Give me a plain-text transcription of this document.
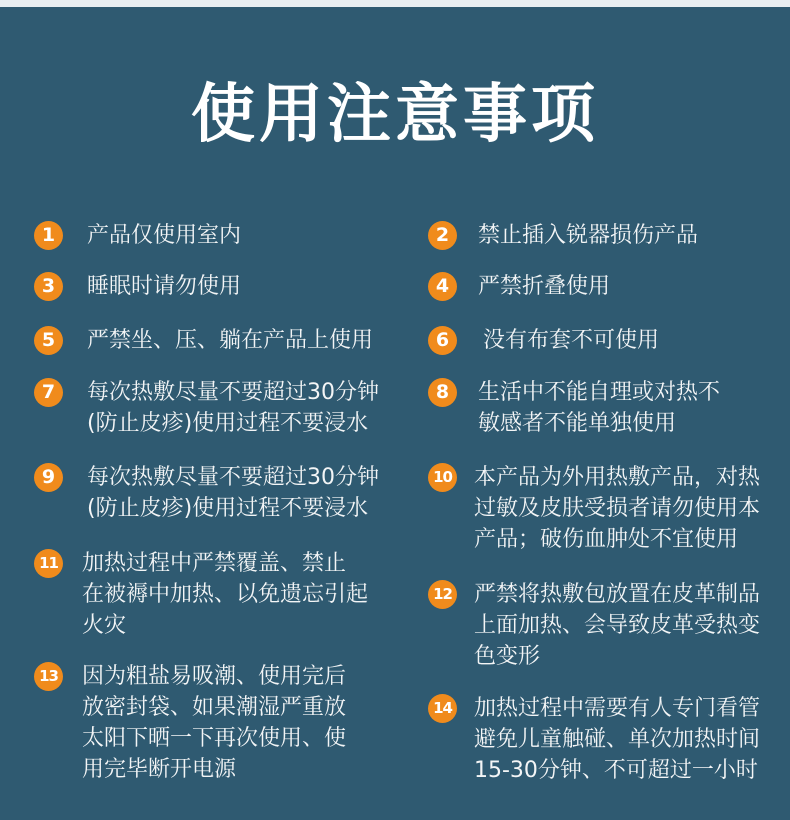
使用注意事项
1	产品仅使用室内
3	睡眠时请勿使用
5	严禁坐、压、躺在产品上使用
7	每次热敷尽量不要超过30分钟
(防止皮疹)使用过程不要浸水
9	每次热敷尽量不要超过30分钟
(防止皮疹)使用过程不要浸水
11 加热过程中严禁覆盖、禁止
在被褥中加热、以免遗忘引起
火灾
13 因为粗盐易吸潮、使用完后
放密封袋、如果潮湿严重放
太阳下晒一下再次使用、使
用完毕断开电源
2	禁止插入锐器损伤产品
4	严禁折叠使用
6	没有布套不可使用
8	生活中不能自理或对热不
敏感者不能单独使用
10 本产品为外用热敷产品，对热
过敏及皮肤受损者请勿使用本
产品；破伤血肿处不宜使用
12 严禁将热敷包放置在皮革制品
上面加热、会导致皮革受热变
色变形
14 加热过程中需要有人专门看管
避免儿童触碰、单次加热时间
15-30分钟、不可超过一小时
